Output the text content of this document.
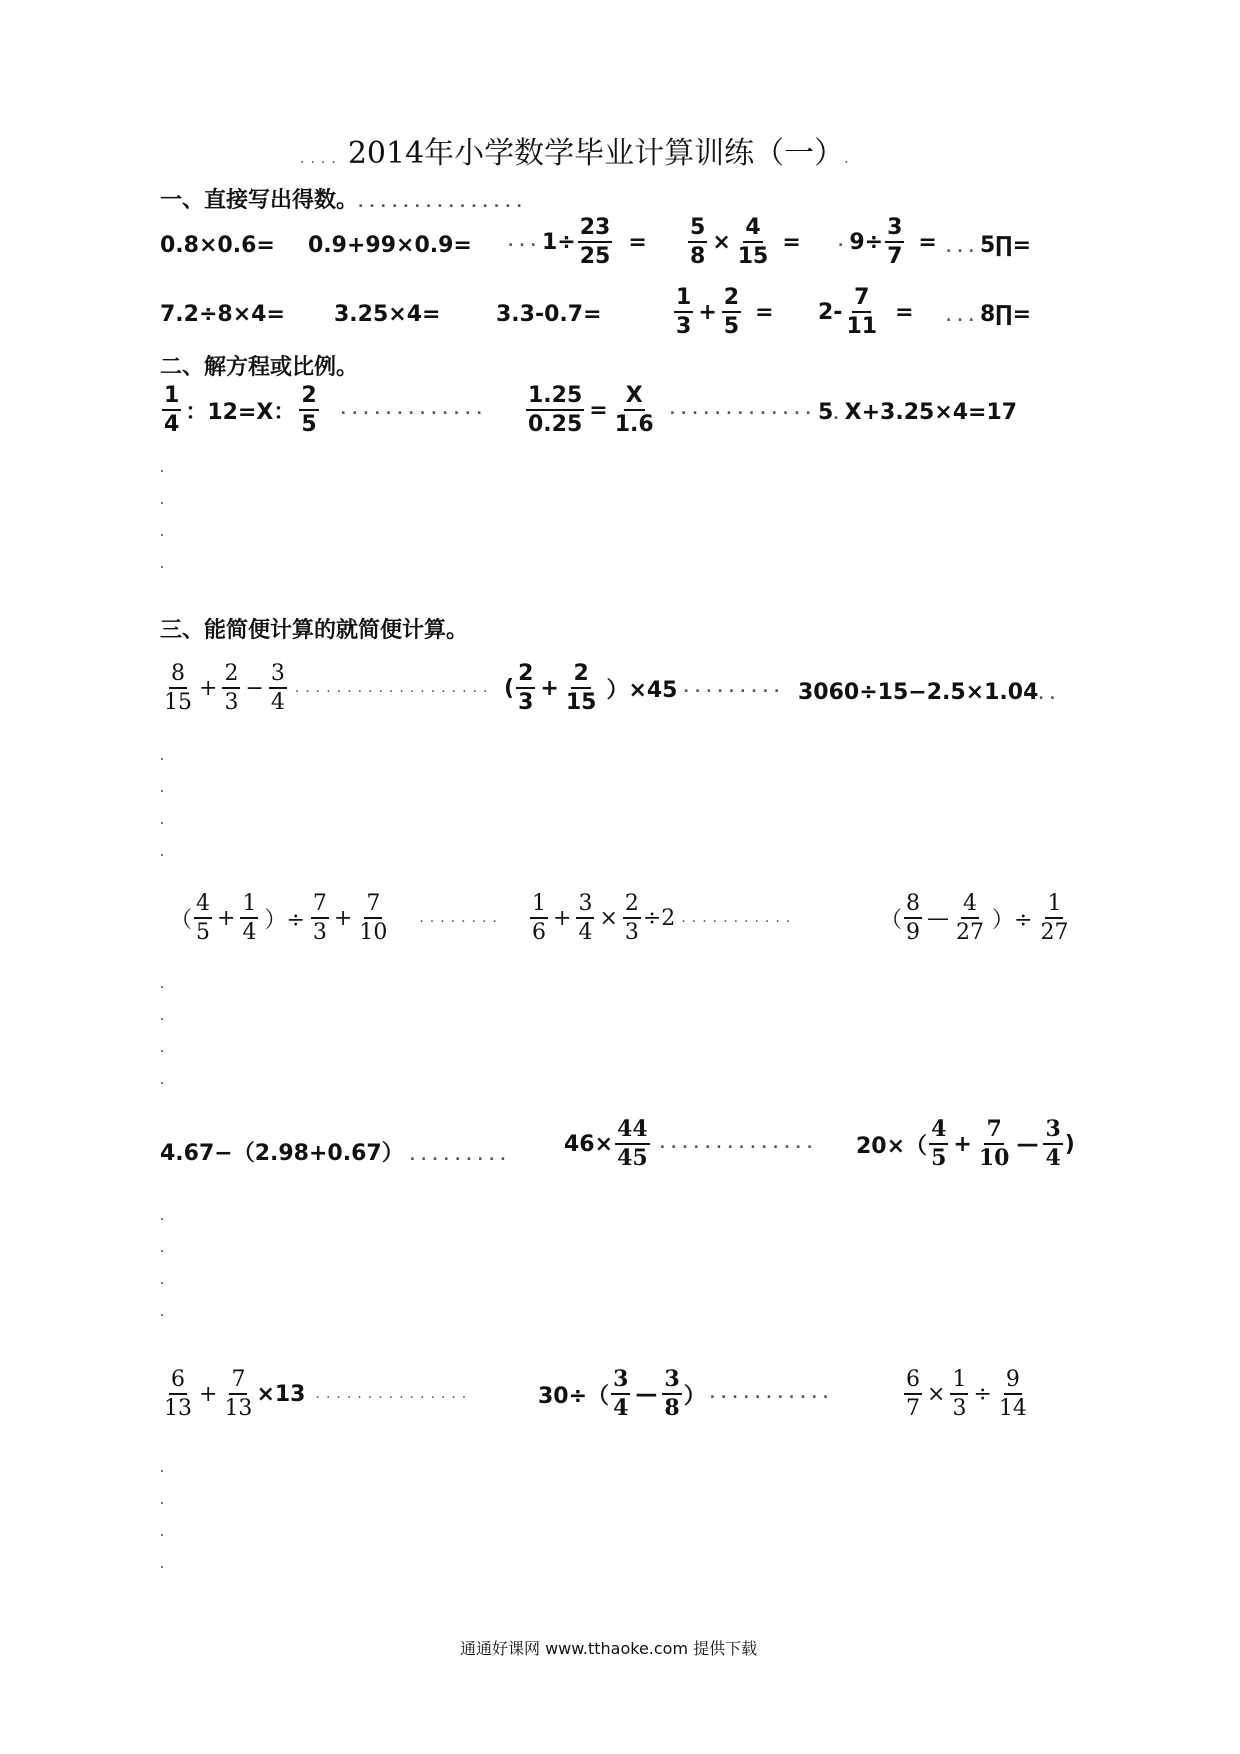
.... 2014年小学数学毕业计算训练（一）.
一、直接写出得数。...............
0.8×0.6= 0.9+99×0.9=	... $1\div \frac{23}{25} = \frac{5}{8} \times \frac{4}{15}$ =	. $9\div \frac{3}{7}$ = ...5∏=
7.2÷8×4= 3.25×4=	3.3-0.7=	$\frac{1}{3} + \frac{2}{5} = 2- \frac{7}{11}$ = ...8∏=
二、解方程或比例。
$\frac{1}{4}$ ：12=X： $\frac{2}{5}$ ............. $\frac{1.25}{0.25} = \frac{X}{1.6}$ ............. 5.X+3.25×4=17
三、能简便计算的就简便计算。
$\frac{8}{15} + \frac{2}{3} - \frac{3}{4}$ ................... ( $\frac{2}{3} + \frac{2}{15} )\times 45$ ......... 3060÷15−2.5×1.04..
（ $\frac{4}{5} + \frac{1}{4}$ ）÷ $\frac{7}{3} + \frac{7}{10}$ ........ $\frac{1}{6} + \frac{3}{4} \times \frac{2}{3} \div 2$ ...........	（ $\frac{8}{9}$ — $\frac{4}{27}$ ）÷ $\frac{1}{27}$
4.67−（2.98+0.67） ......... $46\times \frac{44}{45}$ .............. $20\times( \frac{4}{5} + \frac{7}{10}$ — $\frac{3}{4}$ )
$\frac{6}{13} + \frac{7}{13} \times 13$ ...............	$30\div( \frac{3}{4}$ — $\frac{3}{8}$ ） ...........	$\frac{6}{7} \times \frac{1}{3} \div \frac{9}{14}$
通通好课网 www.tthaoke.com 提供下载
